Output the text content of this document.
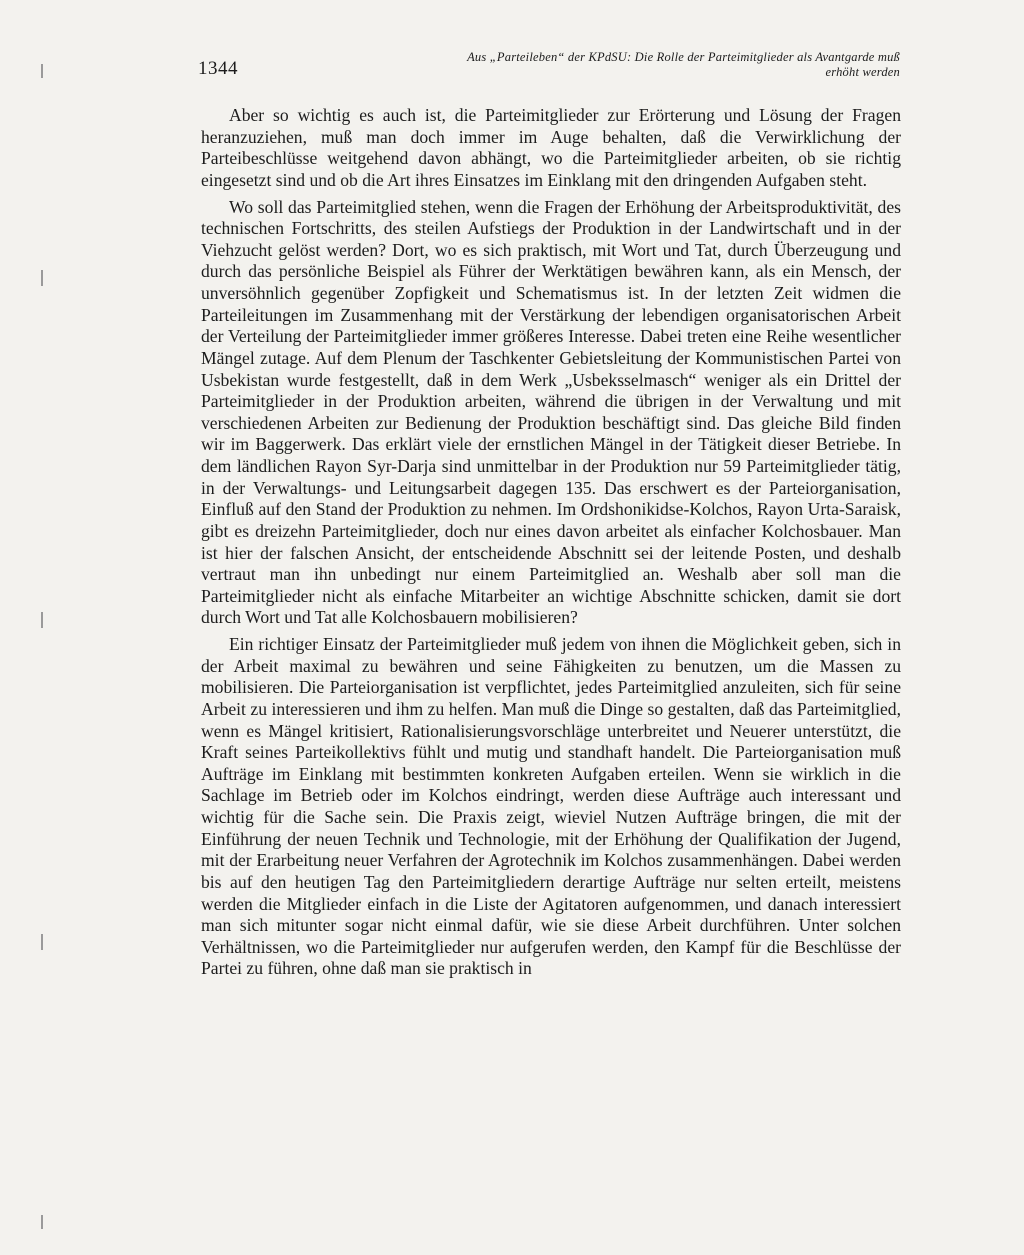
1344
Aus „Parteileben“ der KPdSU: Die Rolle der Parteimitglieder als Avantgarde muß
erhöht werden

Aber so wichtig es auch ist, die Parteimitglieder zur Erörterung und Lösung der Fragen heranzuziehen, muß man doch immer im Auge behalten, daß die Verwirklichung der Parteibeschlüsse weitgehend davon abhängt, wo die Parteimitglieder arbeiten, ob sie richtig eingesetzt sind und ob die Art ihres Einsatzes im Einklang mit den dringenden Aufgaben steht.

Wo soll das Parteimitglied stehen, wenn die Fragen der Erhöhung der Arbeitsproduktivität, des technischen Fortschritts, des steilen Aufstiegs der Produktion in der Landwirtschaft und in der Viehzucht gelöst werden? Dort, wo es sich praktisch, mit Wort und Tat, durch Überzeugung und durch das persönliche Beispiel als Führer der Werktätigen bewähren kann, als ein Mensch, der unversöhnlich gegenüber Zopfigkeit und Schematismus ist. In der letzten Zeit widmen die Parteileitungen im Zusammenhang mit der Verstärkung der lebendigen organisatorischen Arbeit der Verteilung der Parteimitglieder immer größeres Interesse. Dabei treten eine Reihe wesentlicher Mängel zutage. Auf dem Plenum der Taschkenter Gebietsleitung der Kommunistischen Partei von Usbekistan wurde festgestellt, daß in dem Werk „Usbeksselmasch“ weniger als ein Drittel der Parteimitglieder in der Produktion arbeiten, während die übrigen in der Verwaltung und mit verschiedenen Arbeiten zur Bedienung der Produktion beschäftigt sind. Das gleiche Bild finden wir im Baggerwerk. Das erklärt viele der ernstlichen Mängel in der Tätigkeit dieser Betriebe. In dem ländlichen Rayon Syr-Darja sind unmittelbar in der Produktion nur 59 Parteimitglieder tätig, in der Verwaltungs- und Leitungsarbeit dagegen 135. Das erschwert es der Parteiorganisation, Einfluß auf den Stand der Produktion zu nehmen. Im Ordshonikidse-Kolchos, Rayon Urta-Saraisk, gibt es dreizehn Parteimitglieder, doch nur eines davon arbeitet als einfacher Kolchosbauer. Man ist hier der falschen Ansicht, der entscheidende Abschnitt sei der leitende Posten, und deshalb vertraut man ihn unbedingt nur einem Parteimitglied an. Weshalb aber soll man die Parteimitglieder nicht als einfache Mitarbeiter an wichtige Abschnitte schicken, damit sie dort durch Wort und Tat alle Kolchosbauern mobilisieren?

Ein richtiger Einsatz der Parteimitglieder muß jedem von ihnen die Möglichkeit geben, sich in der Arbeit maximal zu bewähren und seine Fähigkeiten zu benutzen, um die Massen zu mobilisieren. Die Parteiorganisation ist verpflichtet, jedes Parteimitglied anzuleiten, sich für seine Arbeit zu interessieren und ihm zu helfen. Man muß die Dinge so gestalten, daß das Parteimitglied, wenn es Mängel kritisiert, Rationalisierungsvorschläge unterbreitet und Neuerer unterstützt, die Kraft seines Parteikollektivs fühlt und mutig und standhaft handelt. Die Parteiorganisation muß Aufträge im Einklang mit bestimmten konkreten Aufgaben erteilen. Wenn sie wirklich in die Sachlage im Betrieb oder im Kolchos eindringt, werden diese Aufträge auch interessant und wichtig für die Sache sein. Die Praxis zeigt, wieviel Nutzen Aufträge bringen, die mit der Einführung der neuen Technik und Technologie, mit der Erhöhung der Qualifikation der Jugend, mit der Erarbeitung neuer Verfahren der Agrotechnik im Kolchos zusammenhängen. Dabei werden bis auf den heutigen Tag den Parteimitgliedern derartige Aufträge nur selten erteilt, meistens werden die Mitglieder einfach in die Liste der Agitatoren aufgenommen, und danach interessiert man sich mitunter sogar nicht einmal dafür, wie sie diese Arbeit durchführen. Unter solchen Verhältnissen, wo die Parteimitglieder nur aufgerufen werden, den Kampf für die Beschlüsse der Partei zu führen, ohne daß man sie praktisch in
